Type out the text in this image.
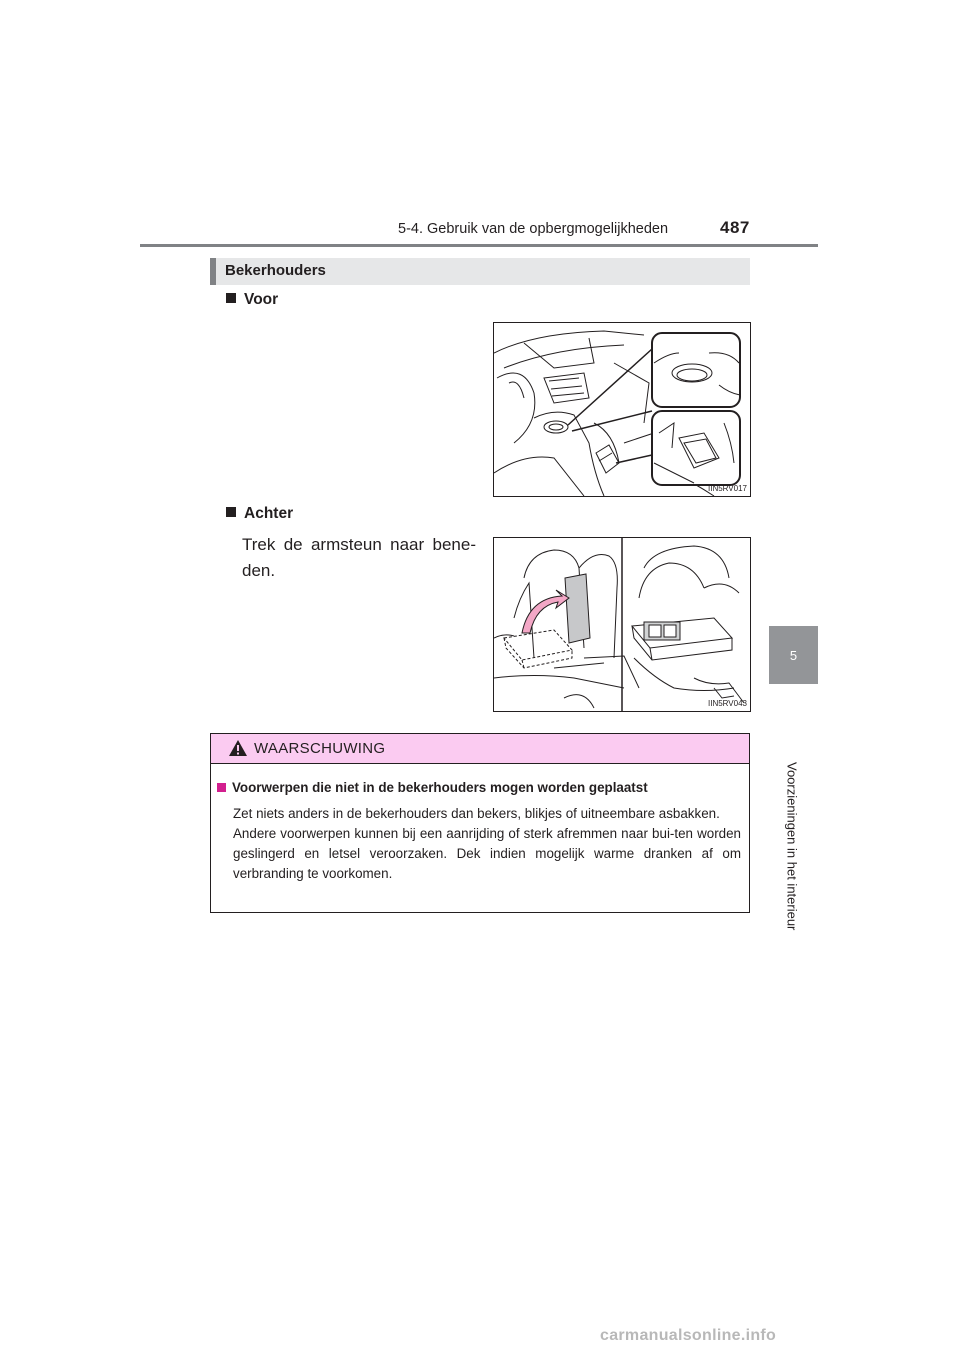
5-4. Gebruik van de opbergmogelijkheden	487
5
Voorzieningen in het interieur
Bekerhouders
Voor
IIN5RV017
Achter
Trek de armsteun naar bene-den.
IIN5RV043
WAARSCHUWING
Voorwerpen die niet in de bekerhouders mogen worden geplaatst

Zet niets anders in de bekerhouders dan bekers, blikjes of uitneembare asbakken.

Andere voorwerpen kunnen bij een aanrijding of sterk afremmen naar bui-ten worden geslingerd en letsel veroorzaken. Dek indien mogelijk warme dranken af om verbranding te voorkomen.

carmanualsonline.info
